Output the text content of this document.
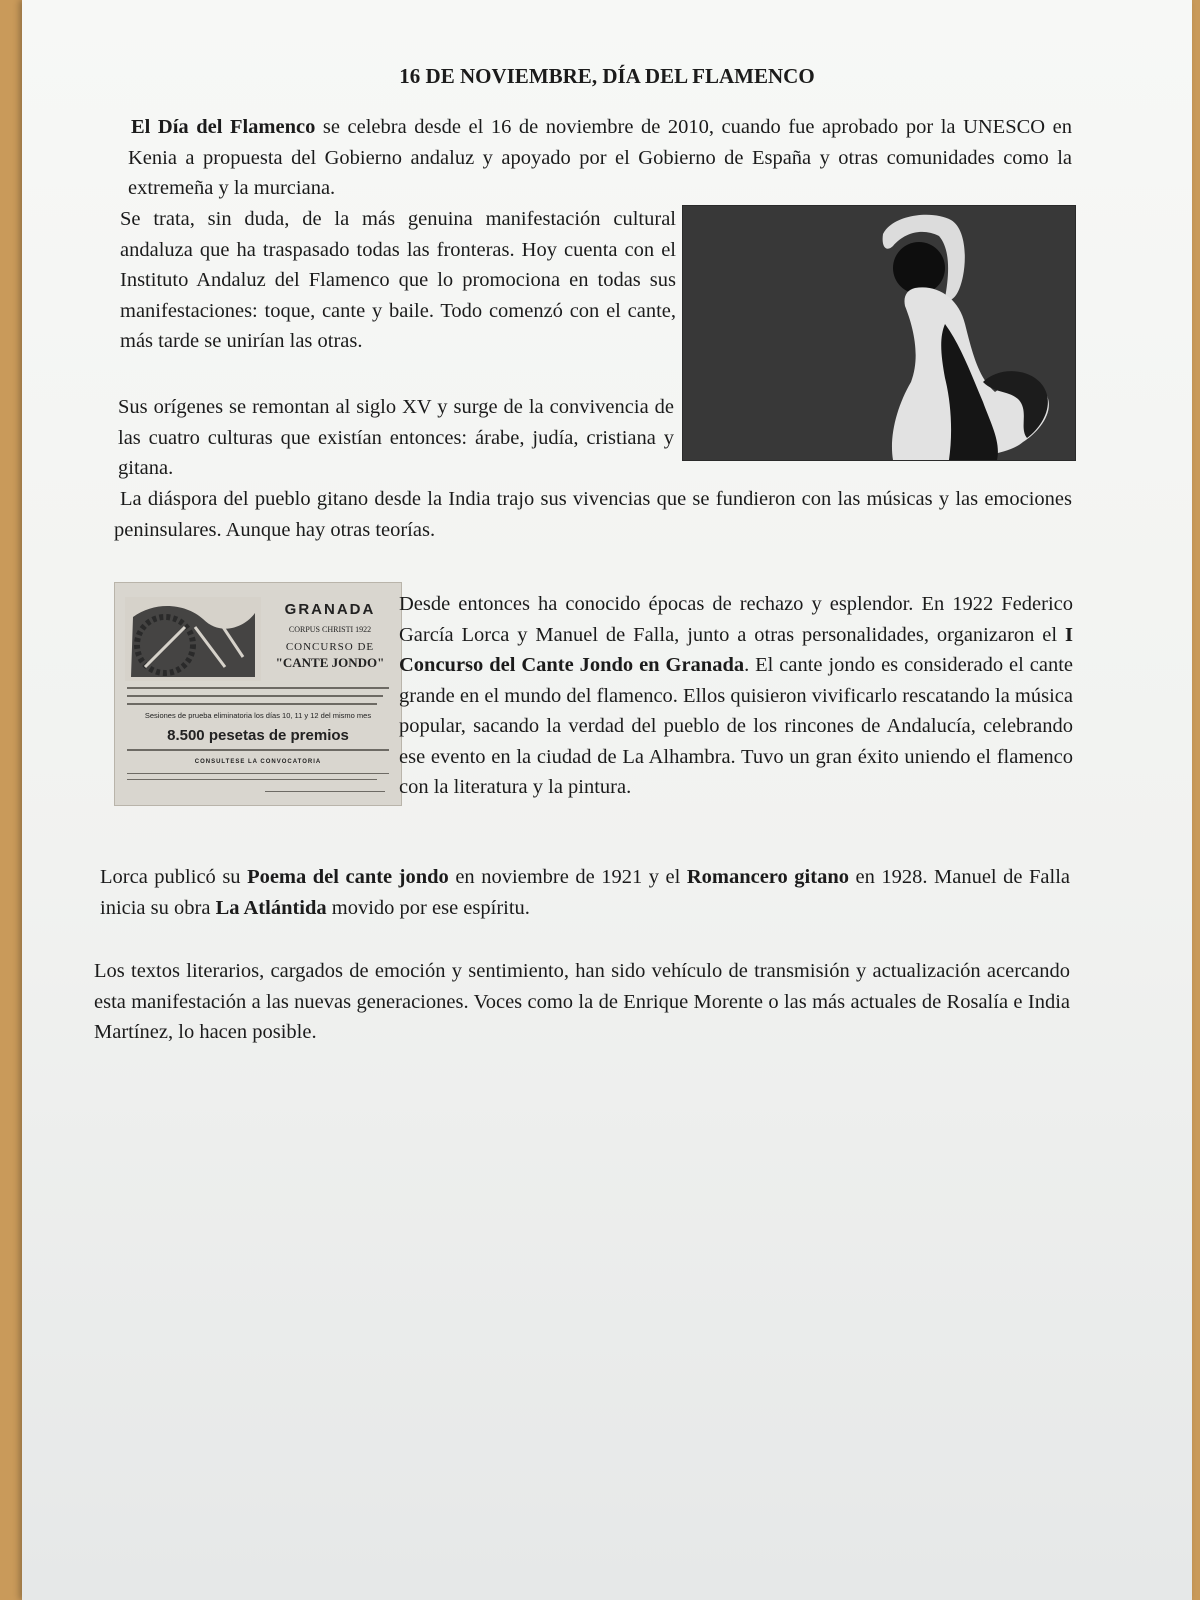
16 DE NOVIEMBRE, DÍA DEL FLAMENCO

El Día del Flamenco se celebra desde el 16 de noviembre de 2010, cuando fue aprobado por la UNESCO en Kenia a propuesta del Gobierno andaluz y apoyado por el Gobierno de España y otras comunidades como la extremeña y la murciana.

Se trata, sin duda, de la más genuina manifestación cultural andaluza que ha traspasado todas las fronteras. Hoy cuenta con el Instituto Andaluz del Flamenco que lo promociona en todas sus manifestaciones: toque, cante y baile. Todo comenzó con el cante, más tarde se unirían las otras.

Sus orígenes se remontan al siglo XV y surge de la convivencia de las cuatro culturas que existían entonces: árabe, judía, cristiana y gitana.

La diáspora del pueblo gitano desde la India trajo sus vivencias que se fundieron con las músicas y las emociones peninsulares. Aunque hay otras teorías.

GRANADA
CORPUS CHRISTI 1922
CONCURSO DE
"CANTE JONDO"
Sesiones de prueba eliminatoria los días 10, 11 y 12 del mismo mes
8.500 pesetas de premios
CONSULTESE LA CONVOCATORIA

Desde entonces ha conocido épocas de rechazo y esplendor. En 1922 Federico García Lorca y Manuel de Falla, junto a otras personalidades, organizaron el I Concurso del Cante Jondo en Granada. El cante jondo es considerado el cante grande en el mundo del flamenco. Ellos quisieron vivificarlo rescatando la música popular, sacando la verdad del pueblo de los rincones de Andalucía, celebrando ese evento en la ciudad de La Alhambra. Tuvo un gran éxito uniendo el flamenco con la literatura y la pintura.

Lorca publicó su Poema del cante jondo en noviembre de 1921 y el Romancero gitano en 1928. Manuel de Falla inicia su obra La Atlántida movido por ese espíritu.

Los textos literarios, cargados de emoción y sentimiento, han sido vehículo de transmisión y actualización acercando esta manifestación a las nuevas generaciones. Voces como la de Enrique Morente o las más actuales de Rosalía e India Martínez, lo hacen posible.
